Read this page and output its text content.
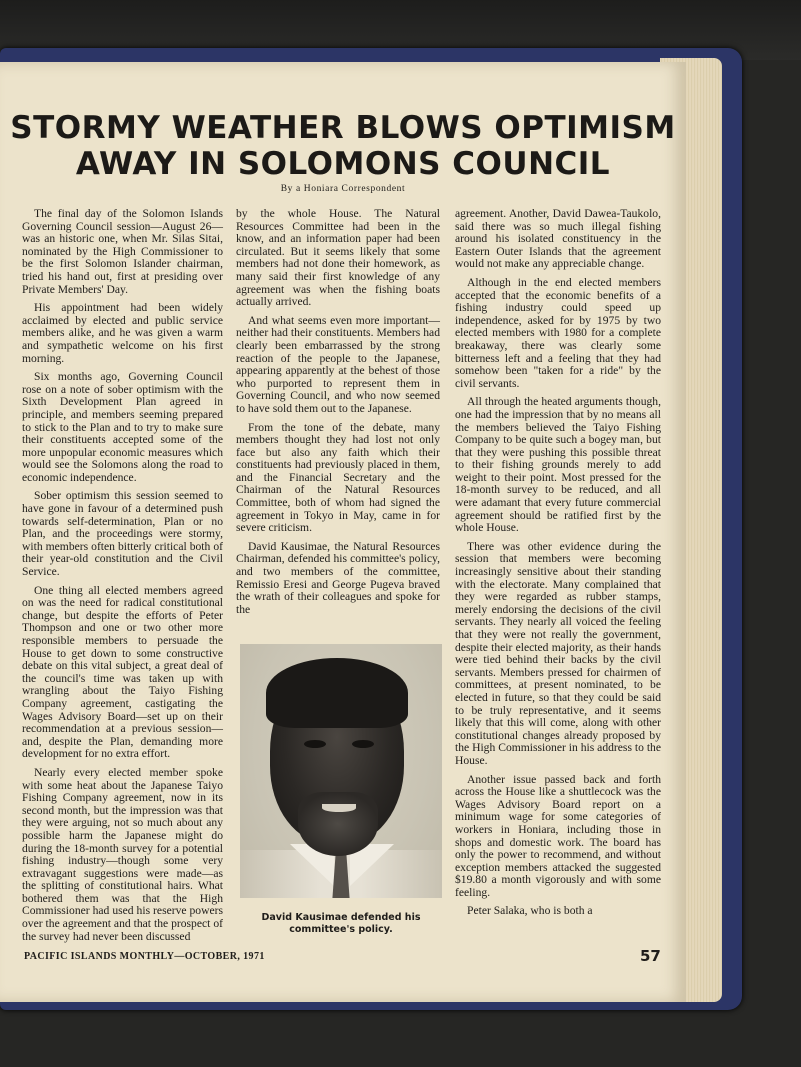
STORMY WEATHER BLOWS OPTIMISM
AWAY IN SOLOMONS COUNCIL
By a Honiara Correspondent

The final day of the Solomon Islands Governing Council session—August 26—was an historic one, when Mr. Silas Sitai, nominated by the High Commissioner to be the first Solomon Islander chairman, tried his hand out, first at presiding over Private Members' Day.

His appointment had been widely acclaimed by elected and public service members alike, and he was given a warm and sympathetic welcome on his first morning.

Six months ago, Governing Council rose on a note of sober optimism with the Sixth Development Plan agreed in principle, and members seeming prepared to stick to the Plan and to try to make sure their constituents accepted some of the more unpopular economic measures which would see the Solomons along the road to economic independence.

Sober optimism this session seemed to have gone in favour of a determined push towards self-determination, Plan or no Plan, and the proceedings were stormy, with members often bitterly critical both of their year-old constitution and the Civil Service.

One thing all elected members agreed on was the need for radical constitutional change, but despite the efforts of Peter Thompson and one or two other more responsible members to persuade the House to get down to some constructive debate on this vital subject, a great deal of the council's time was taken up with wrangling about the Taiyo Fishing Company agreement, castigating the Wages Advisory Board—set up on their recommendation at a previous session—and, despite the Plan, demanding more development for no extra effort.

Nearly every elected member spoke with some heat about the Japanese Taiyo Fishing Company agreement, now in its second month, but the impression was that they were arguing, not so much about any possible harm the Japanese might do during the 18-month survey for a potential fishing industry—though some very extravagant suggestions were made—as the splitting of constitutional hairs. What bothered them was that the High Commissioner had used his reserve powers over the agreement and that the prospect of the survey had never been discussed

by the whole House. The Natural Resources Committee had been in the know, and an information paper had been circulated. But it seems likely that some members had not done their homework, as many said their first knowledge of any agreement was when the fishing boats actually arrived.

And what seems even more important—neither had their constituents. Members had clearly been embarrassed by the strong reaction of the people to the Japanese, appearing apparently at the behest of those who purported to represent them in Governing Council, and who now seemed to have sold them out to the Japanese.

From the tone of the debate, many members thought they had lost not only face but also any faith which their constituents had previously placed in them, and the Financial Secretary and the Chairman of the Natural Resources Committee, both of whom had signed the agreement in Tokyo in May, came in for severe criticism.

David Kausimae, the Natural Resources Chairman, defended his committee's policy, and two members of the committee, Remissio Eresi and George Pugeva braved the wrath of their colleagues and spoke for the

David Kausimae defended his committee's policy.

agreement. Another, David Dawea-Taukolo, said there was so much illegal fishing around his isolated constituency in the Eastern Outer Islands that the agreement would not make any appreciable change.

Although in the end elected members accepted that the economic benefits of a fishing industry could speed up independence, asked for by 1975 by two elected members with 1980 for a complete breakaway, there was clearly some bitterness left and a feeling that they had somehow been "taken for a ride" by the civil servants.

All through the heated arguments though, one had the impression that by no means all the members believed the Taiyo Fishing Company to be quite such a bogey man, but that they were pushing this possible threat to their fishing grounds merely to add weight to their point. Most pressed for the 18-month survey to be reduced, and all were adamant that every future commercial agreement should be ratified first by the whole House.

There was other evidence during the session that members were becoming increasingly sensitive about their standing with the electorate. Many complained that they were regarded as rubber stamps, merely endorsing the decisions of the civil servants. They nearly all voiced the feeling that they were not really the government, despite their elected majority, as their hands were tied behind their backs by the civil servants. Members pressed for chairmen of committees, at present nominated, to be elected in future, so that they could be said to be truly representative, and it seems likely that this will come, along with other constitutional changes already proposed by the High Commissioner in his address to the House.

Another issue passed back and forth across the House like a shuttlecock was the Wages Advisory Board report on a minimum wage for some categories of workers in Honiara, including those in shops and domestic work. The board has only the power to recommend, and without exception members attacked the suggested $19.80 a month vigorously and with some feeling.

Peter Salaka, who is both a

PACIFIC ISLANDS MONTHLY—OCTOBER, 1971	57
